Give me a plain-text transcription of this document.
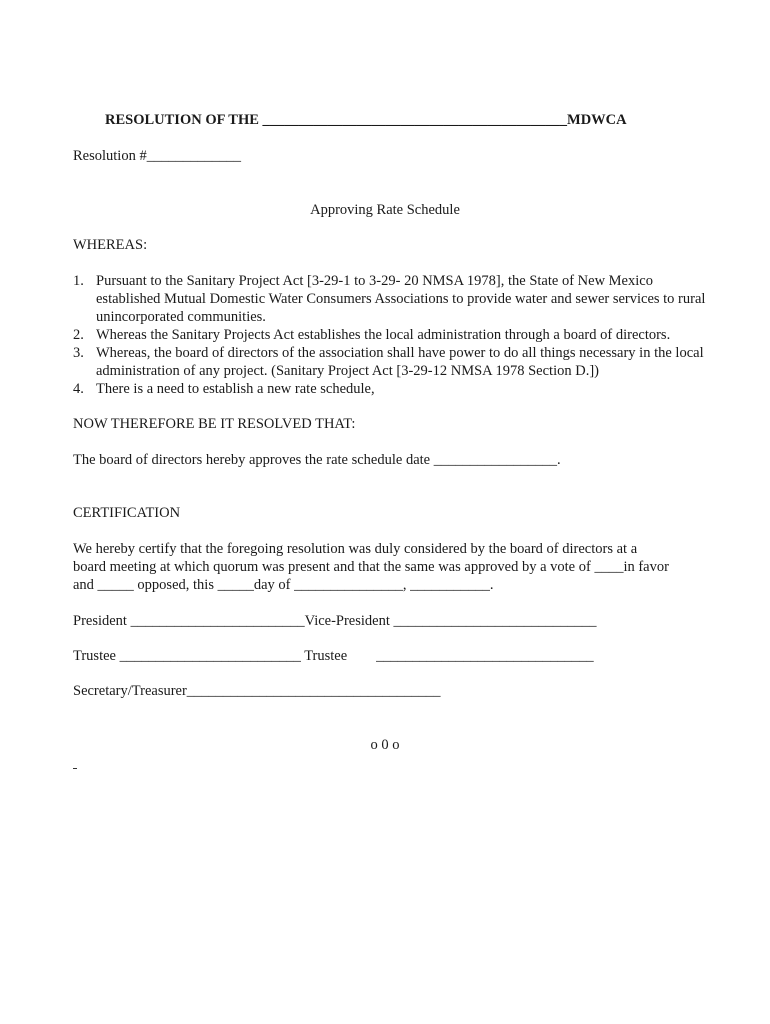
RESOLUTION OF THE __________________________________________MDWCA
Resolution #_____________
Approving Rate Schedule
WHEREAS:
1. Pursuant to the Sanitary Project Act [3-29-1 to 3-29- 20 NMSA 1978], the State of New Mexico established Mutual Domestic Water Consumers Associations to provide water and sewer services to rural unincorporated communities.
2. Whereas the Sanitary Projects Act establishes the local administration through a board of directors.
3. Whereas, the board of directors of the association shall have power to do all things necessary in the local administration of any project. (Sanitary Project Act [3-29-12 NMSA 1978 Section D.])
4. There is a need to establish a new rate schedule,
NOW THEREFORE BE IT RESOLVED THAT:
The board of directors hereby approves the rate schedule date _________________.
CERTIFICATION
We hereby certify that the foregoing resolution was duly considered by the board of directors at a
board meeting at which quorum was present and that the same was approved by a vote of ____in favor
and _____ opposed, this _____day of _______________, ___________.
President ________________________Vice-President ____________________________
Trustee _________________________ Trustee        ______________________________
Secretary/Treasurer___________________________________
o 0 o
